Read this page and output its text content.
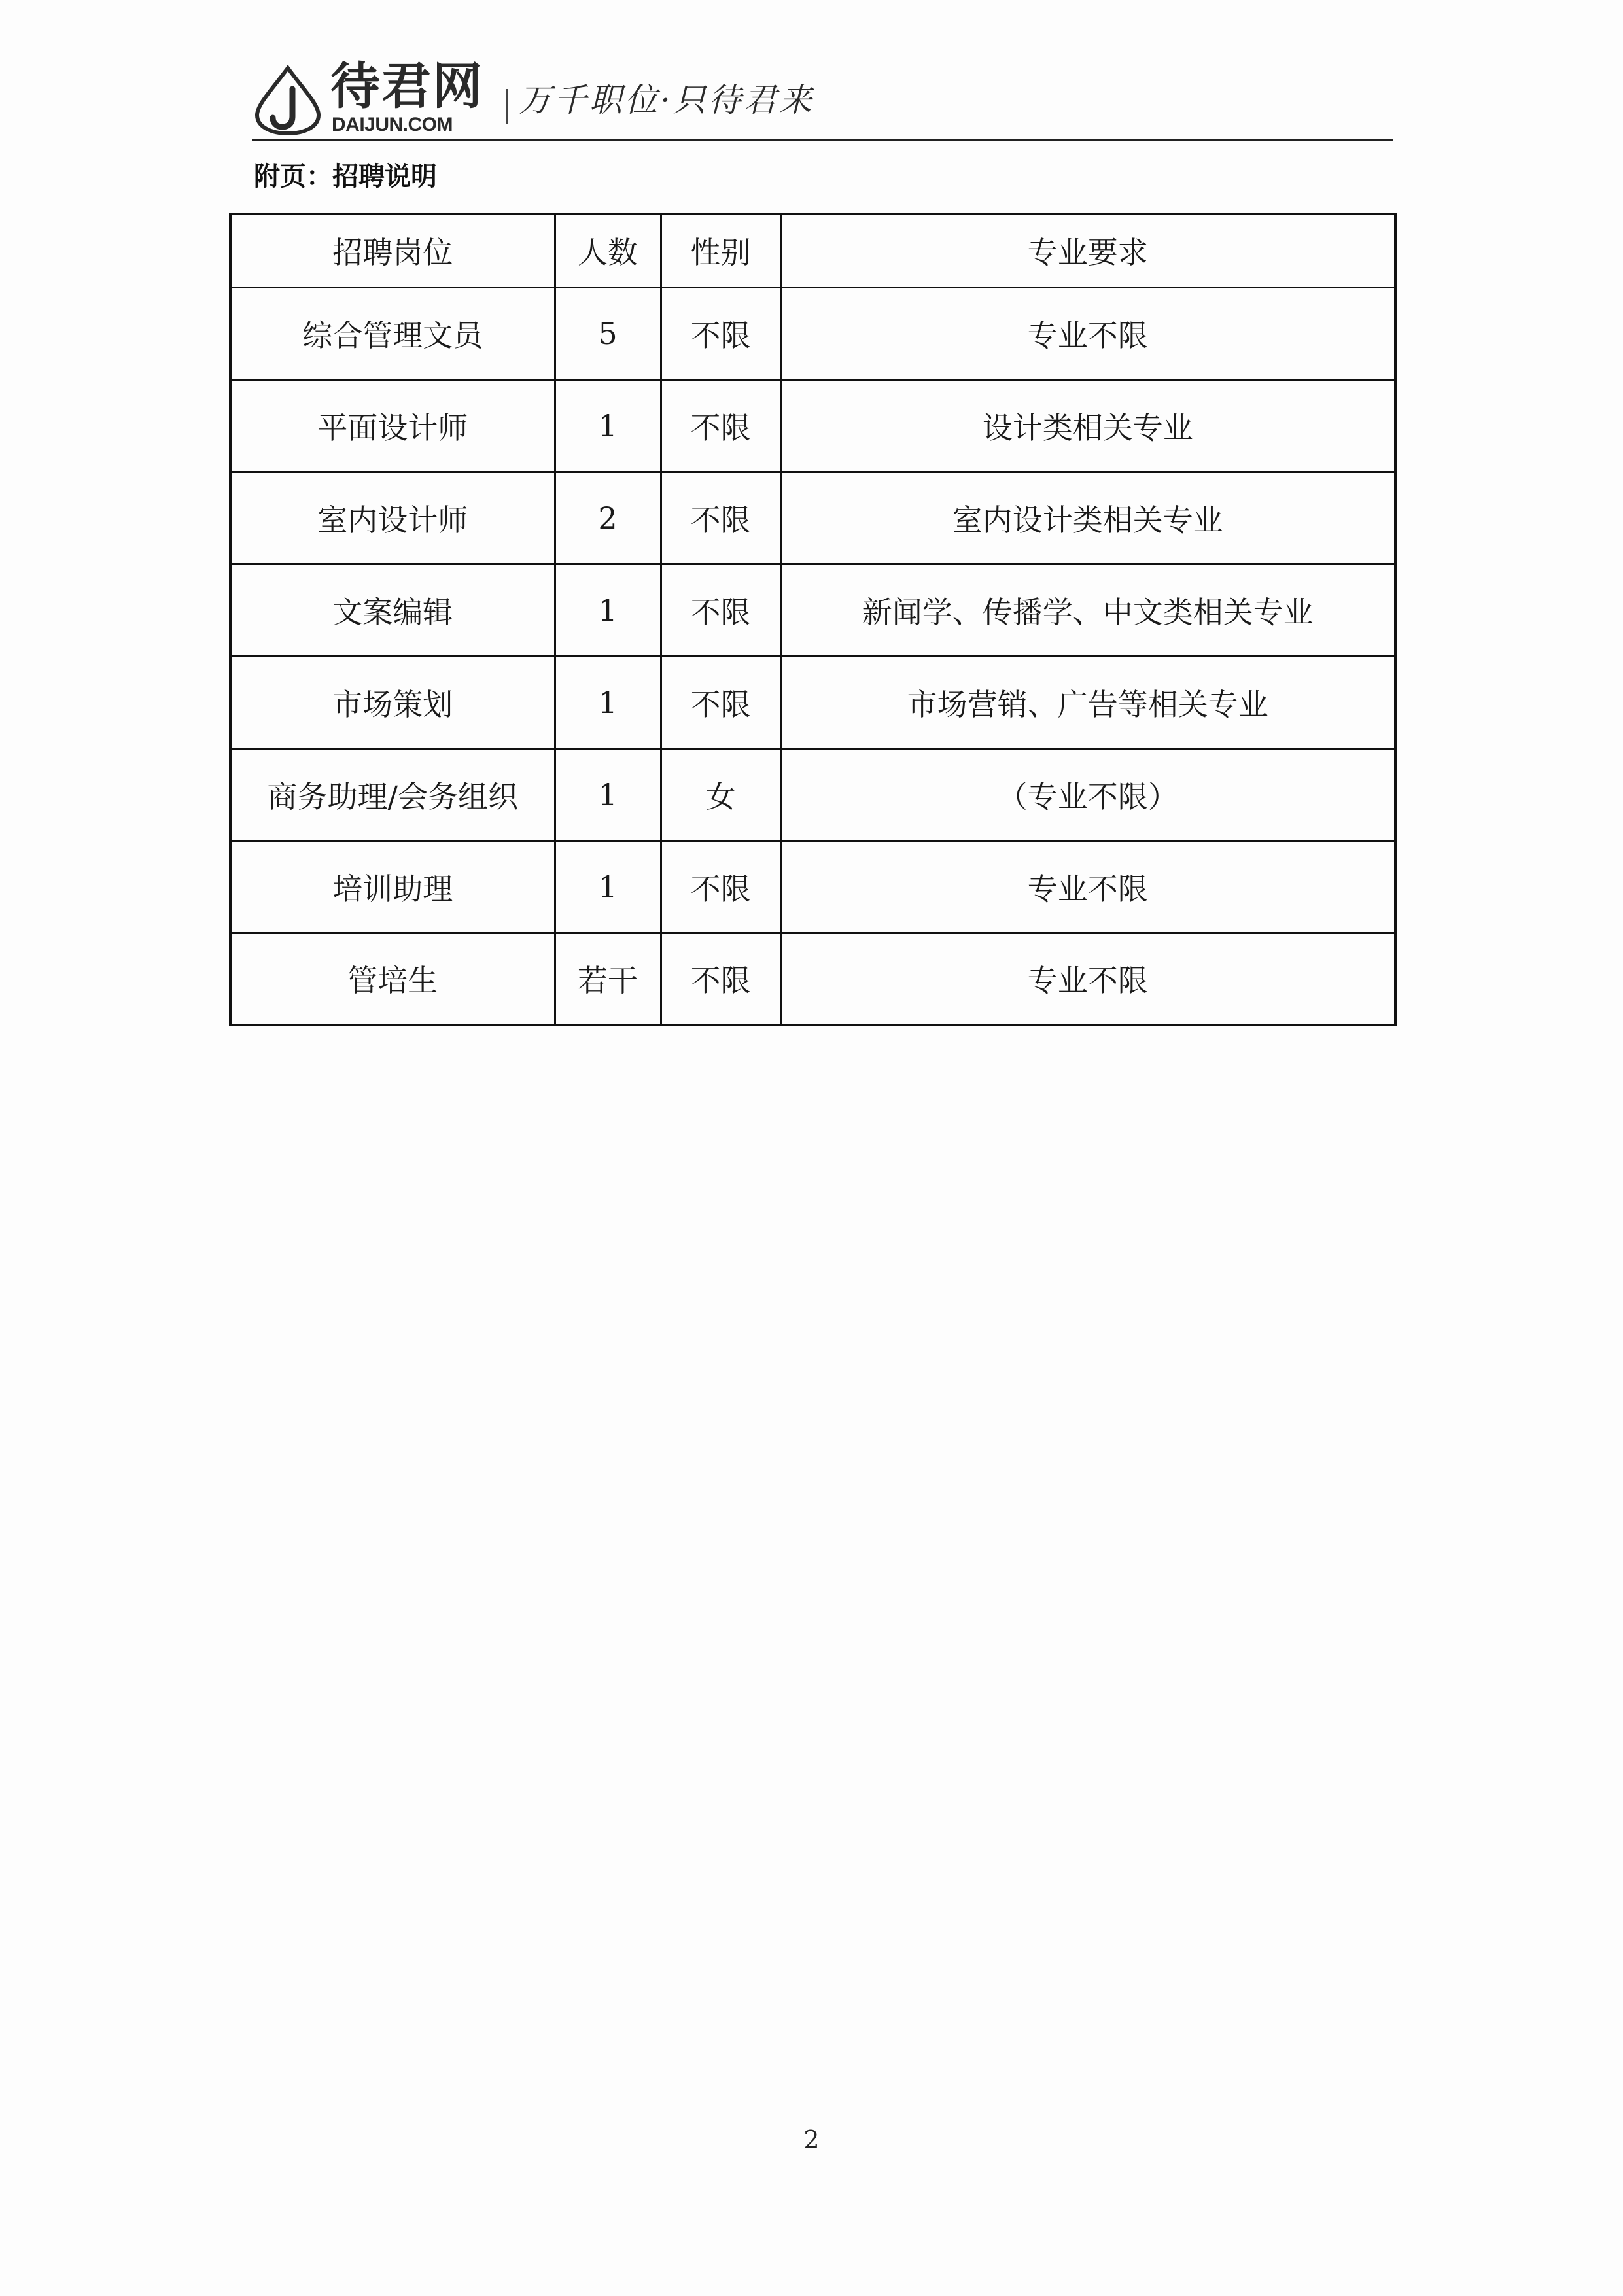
待君网
DAIJUN.COM
万千职位·只待君来
附页：招聘说明
招聘岗位	人数	性别	专业要求
综合管理文员	5	不限	专业不限
平面设计师	1	不限	设计类相关专业
室内设计师	2	不限	室内设计类相关专业
文案编辑	1	不限	新闻学、传播学、中文类相关专业
市场策划	1	不限	市场营销、广告等相关专业
商务助理/会务组织	1	女	（专业不限）
培训助理	1	不限	专业不限
管培生	若干	不限	专业不限
2
